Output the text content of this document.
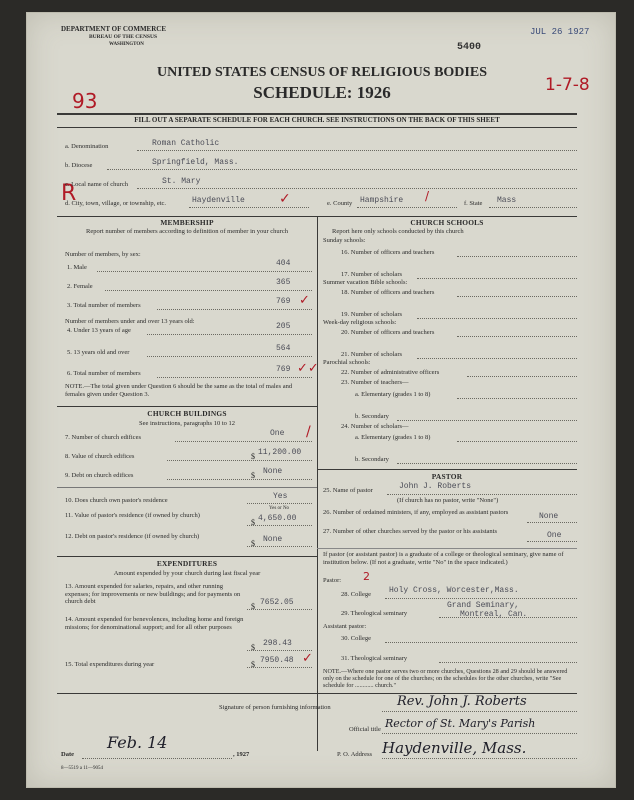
DEPARTMENT OF COMMERCE
BUREAU OF THE CENSUS
WASHINGTON
JUL 26 1927
5400
UNITED STATES CENSUS OF RELIGIOUS BODIES
SCHEDULE: 1926
93
1-7-8
R
FILL OUT A SEPARATE SCHEDULE FOR EACH CHURCH. SEE INSTRUCTIONS ON THE BACK OF THIS SHEET
a. Denomination	Roman Catholic
b. Diocese	Springfield, Mass.
c. Local name of church	St. Mary
d. City, town, village, or township, etc.	Haydenville ✓	e. County Hampshire /
f. State Mass
MEMBERSHIP
Report number of members according to definition of member in your church
Number of members, by sex:
1. Male	404
2. Female	365
3. Total number of members	769 ✓
Number of members under and over 13 years old:
4. Under 13 years of age	205
5. 13 years old and over	564
6. Total number of members	769 ✓✓
NOTE.—The total given under Question 6 should be the same as the total of males and females given under Question 3.
CHURCH BUILDINGS
See instructions, paragraphs 10 to 12
7. Number of church edifices	One /
8. Value of church edifices	$ 11,200.00
9. Debt on church edifices	$ None
10. Does church own pastor's residence	Yes
Yes or No
11. Value of pastor's residence (if owned by church)
$ 4,650.00
12. Debt on pastor's residence (if owned by church)
$ None
EXPENDITURES
Amount expended by your church during last fiscal year
13. Amount expended for salaries, repairs, and other running expenses; for improvements or new buildings; and for payments on church debt
$ 7652.05
14. Amount expended for benevolences, including home and foreign missions; for denominational support; and for all other purposes
$ 298.43
15. Total expenditures during year	$ 7950.48 ✓
CHURCH SCHOOLS
Report here only schools conducted by this church
Sunday schools:
16. Number of officers and teachers
17. Number of scholars
Summer vacation Bible schools:
18. Number of officers and teachers
19. Number of scholars
Week-day religious schools:
20. Number of officers and teachers
21. Number of scholars
Parochial schools:
22. Number of administrative officers
23. Number of teachers—
a. Elementary (grades 1 to 8)
b. Secondary
24. Number of scholars—
a. Elementary (grades 1 to 8)
b. Secondary
PASTOR
25. Name of pastor	John J. Roberts
(If church has no pastor, write "None")
26. Number of ordained ministers, if any, employed as assistant pastors	None
27. Number of other churches served by the pastor or his assistants	One
If pastor (or assistant pastor) is a graduate of a college or theological seminary, give name of institution below. (If not a graduate, write "No" in the space indicated.)
Pastor: 2
28. College Holy Cross, Worcester,Mass.
29. Theological seminary
Grand Seminary,
Montreal, Can.
Assistant pastor:
30. College
31. Theological seminary
NOTE.—Where one pastor serves two or more churches, Questions 28 and 29 should be answered only on the schedule for one of the churches; on the schedules for the other churches, write "See schedule for ............ church."
Signature of person furnishing information	Rev. John J. Roberts
Official title Rector of St. Mary's Parish
Date
Feb. 14
, 1927	P. O. Address Haydenville, Mass.
8—5519 a 11—9054
